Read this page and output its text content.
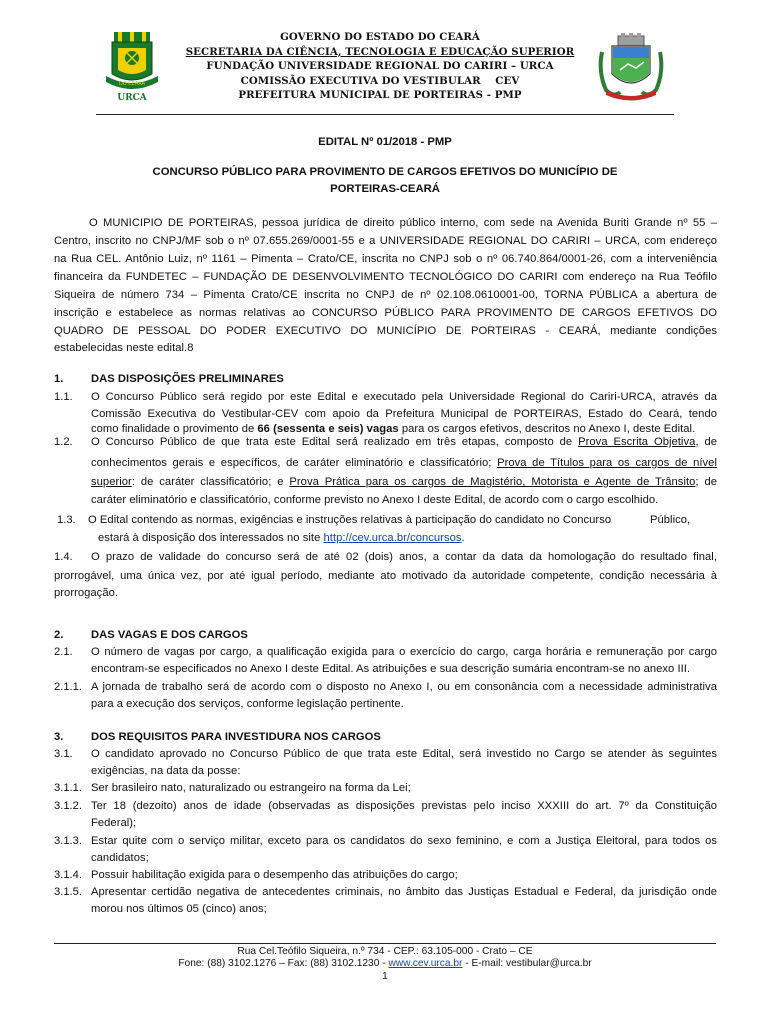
DO CEARÁ
URCA
GOVERNO DO ESTADO DO CEARÁ
SECRETARIA DA CIÊNCIA, TECNOLOGIA E EDUCAÇÃO SUPERIOR
FUNDAÇÃO UNIVERSIDADE REGIONAL DO CARIRI – URCA
COMISSÃO EXECUTIVA DO VESTIBULAR    CEV
PREFEITURA MUNICIPAL DE PORTEIRAS - PMP
EDITAL Nº 01/2018 - PMP
CONCURSO PÚBLICO PARA PROVIMENTO DE CARGOS EFETIVOS DO MUNICÍPIO DE
PORTEIRAS-CEARÁ
O MUNICIPIO DE PORTEIRAS, pessoa jurídica de direito público interno, com sede na Avenida Buriti Grande nº 55 –
Centro, inscrito no CNPJ/MF sob o nº 07.655.269/0001-55 e a UNIVERSIDADE REGIONAL DO CARIRI – URCA, com endereço
na Rua CEL. Antônio Luiz, nº 1161 – Pimenta – Crato/CE, inscrita no CNPJ sob o nº 06.740.864/0001-26, com a interveniência
financeira da FUNDETEC – FUNDAÇÃO DE DESENVOLVIMENTO TECNOLÓGICO DO CARIRI com endereço na Rua Teófilo
Siqueira de número 734 – Pimenta Crato/CE inscrita no CNPJ de nº 02.108.0610001-00, TORNA PÚBLICA a abertura de
inscrição e estabelece as normas relativas ao CONCURSO PÚBLICO PARA PROVIMENTO DE CARGOS EFETIVOS DO
QUADRO DE PESSOAL DO PODER EXECUTIVO DO MUNICÍPIO DE PORTEIRAS - CEARÁ, mediante condições
estabelecidas neste edital.8
1. DAS DISPOSIÇÕES PRELIMINARES
1.1. O Concurso Público será regido por este Edital e executado pela Universidade Regional do Cariri-URCA, através da
Comissão Executiva do Vestibular-CEV com apoio da Prefeitura Municipal de PORTEIRAS, Estado do Ceará, tendo
como finalidade o provimento de 66 (sessenta e seis) vagas para os cargos efetivos, descritos no Anexo I, deste Edital.
1.2. O Concurso Público de que trata este Edital será realizado em três etapas, composto de Prova Escrita Objetiva, de
conhecimentos gerais e específicos, de caráter eliminatório e classificatório; Prova de Títulos para os cargos de nível
superior: de caráter classificatório; e Prova Prática para os cargos de Magistério, Motorista e Agente de Trânsito; de
caráter eliminatório e classificatório, conforme previsto no Anexo I deste Edital, de acordo com o cargo escolhido.
1.3. O Edital contendo as normas, exigências e instruções relativas à participação do candidato no Concurso	Público,
estará à disposição dos interessados no site http://cev.urca.br/concursos.
1.4. O prazo de validade do concurso será de até 02 (dois) anos, a contar da data da homologação do resultado final,
prorrogável, uma única vez, por até igual período, mediante ato motivado da autoridade competente, condição necessária à
prorrogação.
2. DAS VAGAS E DOS CARGOS
2.1. O número de vagas por cargo, a qualificação exigida para o exercício do cargo, carga horária e remuneração por cargo
encontram-se especificados no Anexo I deste Edital. As atribuições e sua descrição sumária encontram-se no anexo III.
2.1.1. A jornada de trabalho será de acordo com o disposto no Anexo I, ou em consonância com a necessidade administrativa
para a execução dos serviços, conforme legislação pertinente.
3. DOS REQUISITOS PARA INVESTIDURA NOS CARGOS
3.1. O candidato aprovado no Concurso Público de que trata este Edital, será investido no Cargo se atender às seguintes
exigências, na data da posse:
3.1.1. Ser brasileiro nato, naturalizado ou estrangeiro na forma da Lei;
3.1.2. Ter 18 (dezoito) anos de idade (observadas as disposições previstas pelo inciso XXXIII do art. 7º da Constituição
Federal);
3.1.3. Estar quite com o serviço militar, exceto para os candidatos do sexo feminino, e com a Justiça Eleitoral, para todos os
candidatos;
3.1.4. Possuir habilitação exigida para o desempenho das atribuições do cargo;
3.1.5. Apresentar certidão negativa de antecedentes criminais, no âmbito das Justiças Estadual e Federal, da jurisdição onde
morou nos últimos 05 (cinco) anos;
Rua Cel.Teófilo Siqueira, n.º 734 - CEP.: 63.105-000 - Crato – CE
Fone: (88) 3102.1276 – Fax: (88) 3102.1230 - www.cev.urca.br - E-mail: vestibular@urca.br
1
